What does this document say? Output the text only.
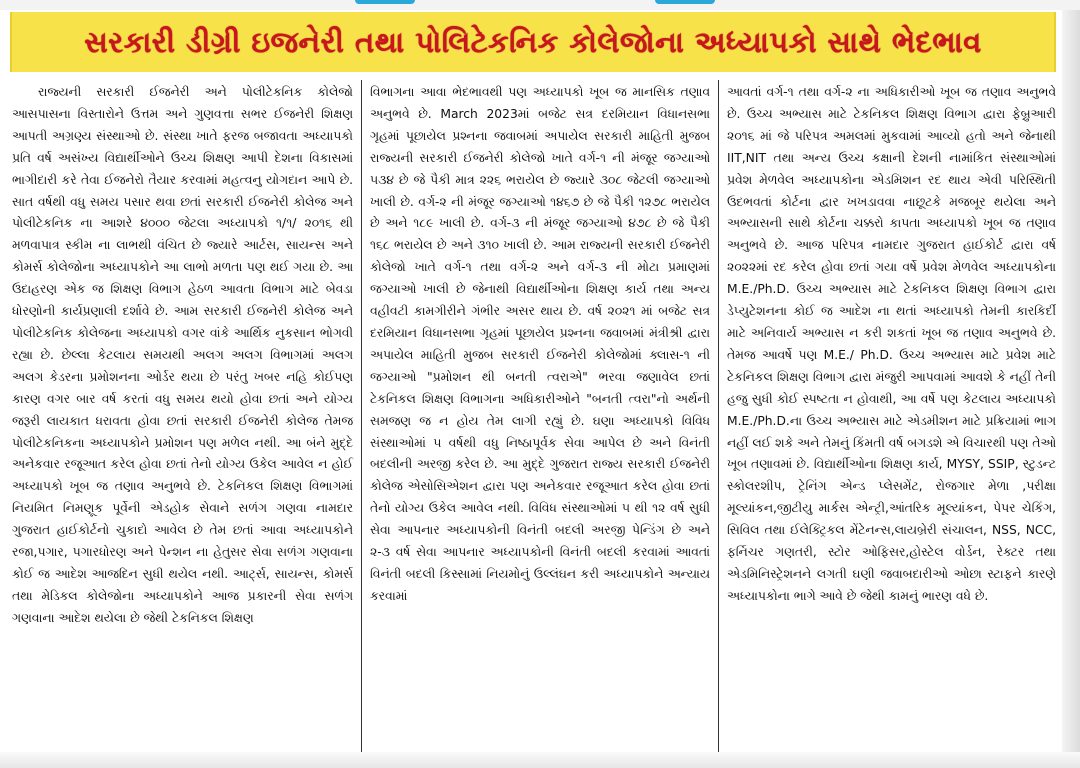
સરકારી ડીગ્રી ઇજનેરી તથા પોલિટેકનિક કોલેજોના અધ્યાપકો સાથે ભેદભાવ

રાજ્યની સરકારી ઈજનેરી અને પોલીટેકનિક કોલેજો આસપાસના વિસ્તારોને ઉત્તમ અને ગુણવત્તા સભર ઈજનેરી શિક્ષણ આપતી અગ્રણ્ય સંસ્થાઓ છે. સંસ્થા ખાતે ફરજ બજાવતા અધ્યાપકો પ્રતિ વર્ષ અસંખ્ય વિદ્યાર્થીઓને ઉચ્ચ શિક્ષણ આપી દેશના વિકાસમાં ભાગીદારી કરે તેવા ઈજનેરો તૈયાર કરવામાં મહત્વનુ યોગદાન આપે છે. સાત વર્ષથી વધુ સમય પસાર થવા છતાં સરકારી ઈજનેરી કોલેજ અને પોલીટેકનિક ના આશરે ૪૦૦૦ જેટલા અધ્યાપકો ૧/૧/ ૨૦૧૬ થી મળવાપાત્ર સ્કીમ ના લાભથી વંચિત છે જ્યારે આર્ટસ, સાયન્સ અને કોમર્સ કોલેજોના અધ્યાપકોને આ લાભો મળતા પણ થઈ ગયા છે. આ ઉદાહરણ એક જ શિક્ષણ વિભાગ હેઠળ આવતા વિભાગ માટે બેવડા ધોરણોની કાર્યપ્રણાલી દર્શાવે છે. આમ સરકારી ઈજનેરી કોલેજ અને પોલીટેકનિક કોલેજના અધ્યાપકો વગર વાંકે આર્થિક નુકસાન ભોગવી રહ્યા છે. છેલ્લા કેટલાય સમયથી અલગ અલગ વિભાગમાં અલગ અલગ કેડરના પ્રમોશનના ઓર્ડર થયા છે પરંતુ ખબર નહિ કોઈપણ કારણ વગર બાર વર્ષ કરતાં વધુ સમય થયો હોવા છતાં અને યોગ્ય જરૂરી લાયકાત ધરાવતા હોવા છતાં સરકારી ઈજનેરી કોલેજ તેમજ પોલીટેકનિકના અધ્યાપકોને પ્રમોશન પણ મળેલ નથી. આ બંને મુદ્દે અનેકવાર રજૂઆત કરેલ હોવા છતાં તેનો યોગ્ય ઉકેલ આવેલ ન હોઈ અધ્યાપકો ખૂબ જ તણાવ અનુભવે છે. ટેકનિકલ શિક્ષણ વિભાગમાં નિયમિત નિમણૂક પૂર્વેની એડહોક સેવાને સળંગ ગણવા નામદાર ગુજરાત હાઈકોર્ટનો ચુકાદો આવેલ છે તેમ છતાં આવા અધ્યાપકોને રજા,પગાર, પગારધોરણ અને પેન્શન ના હેતુસર સેવા સળંગ ગણવાના કોઈ જ આદેશ આજદિન સુધી થયેલ નથી. આર્ટ્સ, સાયન્સ, કોમર્સ તથા મેડિકલ કોલેજોના અધ્યાપકોને આજ પ્રકારની સેવા સળંગ ગણવાના આદેશ થયેલા છે જેથી ટેકનિકલ શિક્ષણ

વિભાગના આવા ભેદભાવથી પણ અધ્યાપકો ખૂબ જ માનસિક તણાવ અનુભવે છે. March 2023માં બજેટ સત્ર દરમિયાન વિધાનસભા ગૃહમાં પૂછાયેલ પ્રશ્નના જવાબમાં અપાયેલ સરકારી માહિતી મુજબ રાજ્યની સરકારી ઈજનેરી કોલેજો ખાતે વર્ગ-૧ ની મંજૂર જગ્યાઓ ૫૩૪ છે જે પૈકી માત્ર ૨૨૬ ભરાયેલ છે જ્યારે ૩૦૮ જેટલી જગ્યાઓ ખાલી છે. વર્ગ-૨ ની મંજૂર જગ્યાઓ ૧૪૬૭ છે જે પૈકી ૧૨૭૮ ભરાયેલ છે અને ૧૮૯ ખાલી છે. વર્ગ-૩ ની મંજૂર જગ્યાઓ ૪૭૮ છે જે પૈકી ૧૬૮ ભરાયેલ છે અને ૩૧૦ ખાલી છે. આમ રાજ્યની સરકારી ઈજનેરી કોલેજો ખાતે વર્ગ-૧ તથા વર્ગ-૨ અને વર્ગ-૩ ની મોટા પ્રમાણમાં જગ્યાઓ ખાલી છે જેનાથી વિદ્યાર્થીઓના શિક્ષણ કાર્ય તથા અન્ય વહીવટી કામગીરીને ગંભીર અસર થાય છે. વર્ષ ૨૦૨૧ માં બજેટ સત્ર દરમિયાન વિધાનસભા ગૃહમાં પૂછાયેલ પ્રશ્નના જવાબમાં મંત્રીશ્રી દ્વારા અપાયેલ માહિતી મુજબ સરકારી ઈજનેરી કોલેજોમાં ક્લાસ-૧ ની જગ્યાઓ "પ્રમોશન થી બનતી ત્વરાએ" ભરવા જણાવેલ છતાં ટેકનિકલ શિક્ષણ વિભાગના અધિકારીઓને "બનતી ત્વરા"નો અર્થની સમજણ જ ન હોય તેમ લાગી રહ્યું છે. ઘણા અધ્યાપકો વિવિધ સંસ્થાઓમાં ૫ વર્ષથી વધુ નિષ્ઠાપૂર્વક સેવા આપેલ છે અને વિનંતી બદલીની અરજી કરેલ છે. આ મુદ્દે ગુજરાત રાજ્ય સરકારી ઈજનેરી કોલેજ એસોસિએશન દ્વારા પણ અનેકવાર રજૂઆત કરેલ હોવા છતાં તેનો યોગ્ય ઉકેલ આવેલ નથી. વિવિધ સંસ્થાઓમાં ૫ થી ૧૨ વર્ષ સુધી સેવા આપનાર અધ્યાપકોની વિનંતી બદલી અરજી પેન્ડિંગ છે અને ૨-૩ વર્ષ સેવા આપનાર અધ્યાપકોની વિનંતી બદલી કરવામાં આવતાં વિનંતી બદલી કિસ્સામાં નિયમોનું ઉલ્લંઘન કરી અધ્યાપકોને અન્યાય કરવામાં

આવતાં વર્ગ-૧ તથા વર્ગ-૨ ના અધિકારીઓ ખૂબ જ તણાવ અનુભવે છે. ઉચ્ચ અભ્યાસ માટે ટેકનિકલ શિક્ષણ વિભાગ દ્વારા ફેબ્રુઆરી ૨૦૧૬ માં જે પરિપત્ર અમલમાં મુકવામાં આવ્યો હતો અને જેનાથી IIT,NIT તથા અન્ય ઉચ્ચ કક્ષાની દેશની નામાંકિત સંસ્થાઓમાં પ્રવેશ મેળવેલ અધ્યાપકોના એડમિશન રદ થાય એવી પરિસ્થિતી ઉદભવતાં કોર્ટના દ્વાર ખખડાવવા નાછૂટકે મજબૂર થયેલા અને અભ્યાસની સાથે કોર્ટના ચક્કરો કાપતા અધ્યાપકો ખૂબ જ તણાવ અનુભવે છે. આજ પરિપત્ર નામદાર ગુજરાત હાઈકોર્ટ દ્વારા વર્ષ ૨૦૨૨માં રદ કરેલ હોવા છતાં ગયા વર્ષે પ્રવેશ મેળવેલ અધ્યાપકોના M.E./Ph.D. ઉચ્ચ અભ્યાસ માટે ટેકનિકલ શિક્ષણ વિભાગ દ્વારા ડેપ્યુટેશનના કોઈ જ આદેશ ના થતાં અધ્યાપકો તેમની કારકિર્દી માટે અનિવાર્ય અભ્યાસ ન કરી શકતાં ખૂબ જ તણાવ અનુભવે છે. તેમજ આવર્ષે પણ M.E./ Ph.D. ઉચ્ચ અભ્યાસ માટે પ્રવેશ માટે ટેકનિકલ શિક્ષણ વિભાગ દ્વારા મંજુરી આપવામાં આવશે કે નહીં તેની હજુ સુધી કોઈ સ્પષ્ટતા ન હોવાથી, આ વર્ષે પણ કેટલાય અધ્યાપકો M.E./Ph.D.ના ઉચ્ચ અભ્યાસ માટે એડમીશન માટે પ્રક્રિયામાં ભાગ નહીં લઈ શકે અને તેમનું કિંમતી વર્ષ બગડશે એ વિચારથી પણ તેઓ ખૂબ તણાવમાં છે. વિદ્યાર્થીઓના શિક્ષણ કાર્ય, MYSY, SSIP, સ્ટુડન્ટ સ્કોલરશીપ, ટ્રેનિંગ એન્ડ પ્લેસમેંટ, રોજગાર મેળા ,પરીક્ષા મૂલ્યાંકન,જીટીયુ માર્કસ એન્ટ્રી,આંતરિક મૂલ્યાંકન, પેપર ચેકિંગ, સિવિલ તથા ઈલેક્ટ્રિકલ મેંટેનન્સ,લાયબ્રેરી સંચાલન, NSS, NCC, ફર્નિચર ગણતરી, સ્ટોર ઓફિસર,હોસ્ટેલ વોર્ડન, રેક્ટર તથા એડમિનિસ્ટ્રેશનને લગતી ઘણી જવાબદારીઓ ઓછા સ્ટાફને કારણે અધ્યાપકોના ભાગે આવે છે જેથી કામનું ભારણ વધે છે.
